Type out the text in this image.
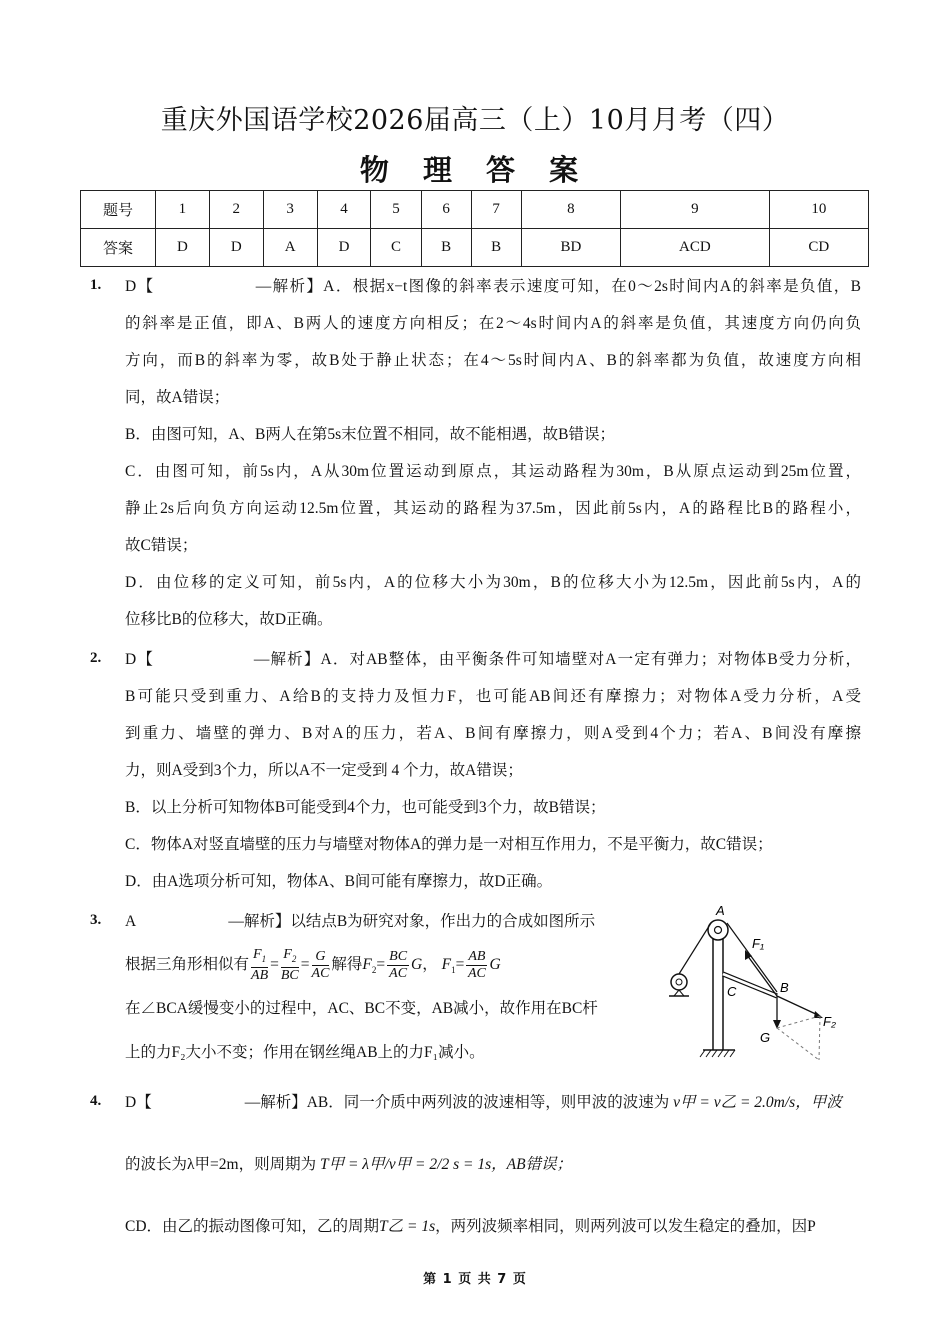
重庆外国语学校2026届高三（上）10月月考（四）
物 理 答 案
题号	1	2	3	4	5	6	7	8	9	10
答案	D	D	A	D	C	B	B	BD	ACD	CD
1. D【　　　　　　—解析】A．根据x−t图像的斜率表示速度可知，在0～2s时间内A的斜率是负值，B
的斜率是正值，即A、B两人的速度方向相反；在2～4s时间内A的斜率是负值，其速度方向仍向负
方向，而B的斜率为零，故B处于静止状态；在4～5s时间内A、B的斜率都为负值，故速度方向相
同，故A错误；
B．由图可知，A、B两人在第5s末位置不相同，故不能相遇，故B错误；
C．由图可知，前5s内，A从30m位置运动到原点，其运动路程为30m，B从原点运动到25m位置，
静止2s后向负方向运动12.5m位置，其运动的路程为37.5m，因此前5s内，A的路程比B的路程小，
故C错误；
D．由位移的定义可知，前5s内，A的位移大小为30m，B的位移大小为12.5m，因此前5s内，A的
位移比B的位移大，故D正确。
2. D【　　　　　　—解析】A．对AB整体，由平衡条件可知墙壁对A一定有弹力；对物体B受力分析，
B可能只受到重力、A给B的支持力及恒力F，也可能AB间还有摩擦力；对物体A受力分析，A受
到重力、墙壁的弹力、B对A的压力，若A、B间有摩擦力，则A受到4个力；若A、B间没有摩擦
力，则A受到3个力，所以A不一定受到 4 个力，故A错误；
B．以上分析可知物体B可能受到4个力，也可能受到3个力，故B错误；
C．物体A对竖直墙壁的压力与墙壁对物体A的弹力是一对相互作用力，不是平衡力，故C错误；
D．由A选项分析可知，物体A、B间可能有摩擦力，故D正确。
3. A　　　　　　—解析】以结点B为研究对象，作出力的合成如图所示
根据三角形相似有 $\frac{F_1}{AB} = \frac{F_2}{BC} = \frac{G}{AC}$ 解得$F_2= \frac{BC}{AC}$ G， $F_1= \frac{AB}{AC}$ G
在∠BCA缓慢变小的过程中，AC、BC不变，AB减小，故作用在BC杆
上的力F₂大小不变；作用在钢丝绳AB上的力F₁减小。
A
F₁
C	B
F₂
G
4. D【　　　　　　—解析】AB．同一介质中两列波的波速相等，则甲波的波速为 v甲 = v乙 = 2.0m/s，甲波
的波长为λ甲=2m，则周期为 T甲 = λ甲/v甲 = 2/2 s = 1s，AB错误；
CD．由乙的振动图像可知，乙的周期T乙 = 1s，两列波频率相同，则两列波可以发生稳定的叠加，因P
第 1 页 共 7 页
